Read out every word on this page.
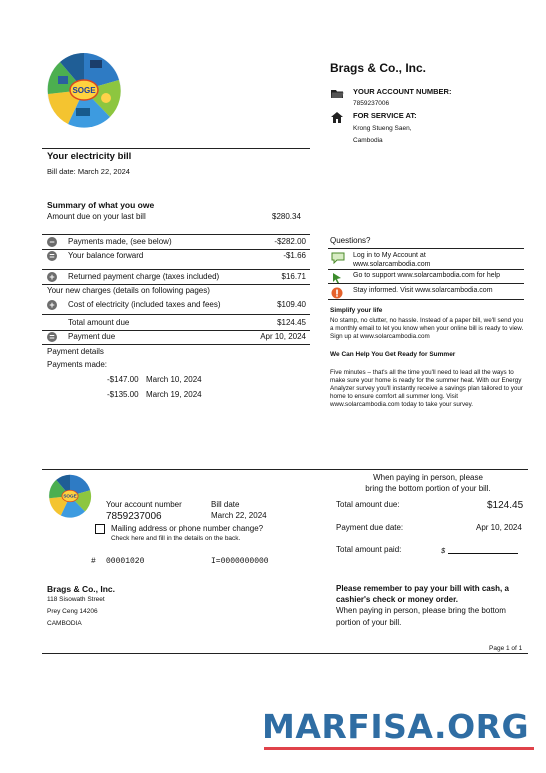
SOGE
Brags & Co., Inc.
YOUR ACCOUNT NUMBER:
7859237006
FOR SERVICE AT:
Krong Stueng Saen,
Cambodia
Your electricity bill
Bill date: March 22, 2024
Summary of what you owe
Amount due on your last bill	$280.34
− Payments made, (see below)	-$282.00
= Your balance forward	-$1.66
+ Returned payment charge (taxes included)	$16.71
Your new charges (details on following pages)
+ Cost of electricity (included taxes and fees)	$109.40
Total amount due	$124.45
= Payment due	Apr 10, 2024
Payment details
Payments made:
-$147.00 March 10, 2024
-$135.00 March 19, 2024
Questions?
Log in to My Account at
www.solarcambodia.com
Go to support www.solarcambodia.com for help
Stay informed. Visit www.solarcambodia.com
Simplify your life
No stamp, no clutter, no hassle. Instead of a paper bill, we'll send you a monthly email to let you know when your online bill is ready to view. Sign up at www.solarcambodia.com
We Can Help You Get Ready for Summer
Five minutes – that's all the time you'll need to lead all the ways to make sure your home is ready for the summer heat. With our Energy Analyzer survey you'll instantly receive a savings plan tailored to your home to ensure comfort all summer long. Visit www.solarcambodia.com today to take your survey.
When paying in person, please
bring the bottom portion of your bill.
SOGE
Your account number
7859237006
Bill date
March 22, 2024
Mailing address or phone number change?
Check here and fill in the details on the back.
# 00001020	I=0000000000
Total amount due:	$124.45
Payment due date:	Apr 10, 2024
Total amount paid:	$
Brags & Co., Inc.
118 Sisowath Street
Prey Ceng 14206
CAMBODIA
Please remember to pay your bill with cash, a
cashier's check or money order.
When paying in person, please bring the bottom
portion of your bill.
Page 1 of 1
MARFISA.ORG
